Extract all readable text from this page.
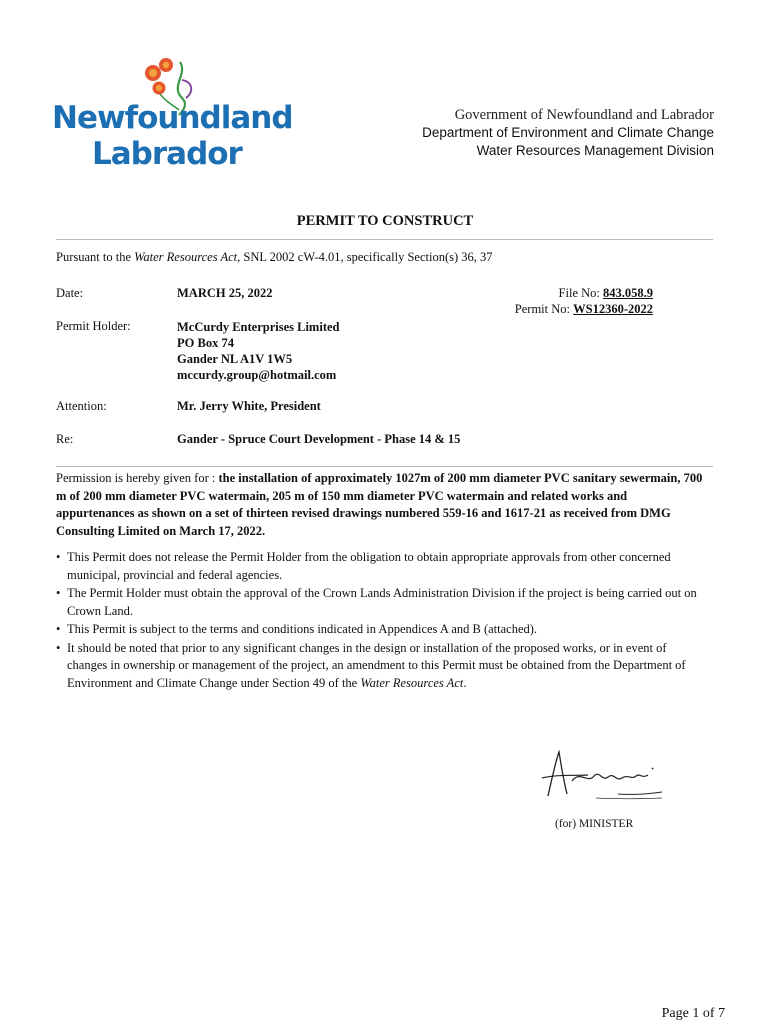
Newfoundland
Labrador
Government of Newfoundland and Labrador
Department of Environment and Climate Change
Water Resources Management Division
PERMIT TO CONSTRUCT
Pursuant to the Water Resources Act, SNL 2002 cW-4.01, specifically Section(s) 36, 37
Date:	MARCH 25, 2022	File No: 843.058.9
Permit No: WS12360-2022
Permit Holder:	McCurdy Enterprises Limited
PO Box 74
Gander NL A1V 1W5
mccurdy.group@hotmail.com
Attention:	Mr. Jerry White, President
Re:	Gander - Spruce Court Development - Phase 14 & 15
Permission is hereby given for : the installation of approximately 1027m of 200 mm diameter PVC sanitary sewermain, 700 m of 200 mm diameter PVC watermain, 205 m of 150 mm diameter PVC watermain and related works and appurtenances as shown on a set of thirteen revised drawings numbered 559-16 and 1617-21 as received from DMG Consulting Limited on March 17, 2022.
• This Permit does not release the Permit Holder from the obligation to obtain appropriate approvals from other concerned municipal, provincial and federal agencies.
• The Permit Holder must obtain the approval of the Crown Lands Administration Division if the project is being carried out on Crown Land.
• This Permit is subject to the terms and conditions indicated in Appendices A and B (attached).
• It should be noted that prior to any significant changes in the design or installation of the proposed works, or in event of changes in ownership or management of the project, an amendment to this Permit must be obtained from the Department of Environment and Climate Change under Section 49 of the Water Resources Act.
(for) MINISTER
Page 1 of 7
